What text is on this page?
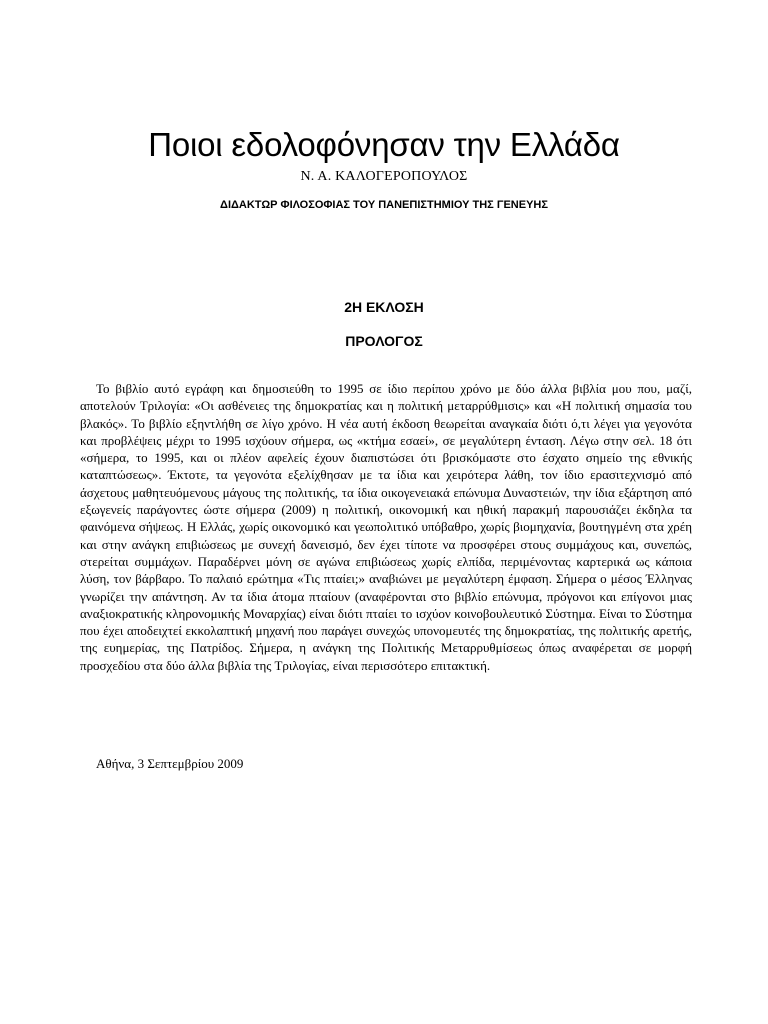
Ποιοι εδολοφόνησαν την Ελλάδα
Ν. Α. ΚΑΛΟΓΕΡΟΠΟΥΛΟΣ
ΔΙΔΑΚΤΩΡ ΦΙΛΟΣΟΦΙΑΣ ΤΟΥ ΠΑΝΕΠΙΣΤΗΜΙΟΥ ΤΗΣ ΓΕΝΕΥΗΣ
2Η ΕΚΛΟΣΗ
ΠΡΟΛΟΓΟΣ

Το βιβλίο αυτό εγράφη και δημοσιεύθη το 1995 σε ίδιο περίπου χρόνο με δύο άλλα βιβλία μου που, μαζί, αποτελούν Τριλογία: «Οι ασθένειες της δημοκρατίας και η πολιτική μεταρρύθμισις» και «Η πολιτική σημασία του βλακός». Το βιβλίο εξηντλήθη σε λίγο χρόνο. Η νέα αυτή έκδοση θεωρείται αναγκαία διότι ό,τι λέγει για γεγονότα και προβλέψεις μέχρι το 1995 ισχύουν σήμερα, ως «κτήμα εσαεί», σε μεγαλύτερη ένταση. Λέγω στην σελ. 18 ότι «σήμερα, το 1995, και οι πλέον αφελείς έχουν διαπιστώσει ότι βρισκόμαστε στο έσχατο σημείο της εθνικής καταπτώσεως». Έκτοτε, τα γεγονότα εξελίχθησαν με τα ίδια και χειρότερα λάθη, τον ίδιο ερασιτεχνισμό από άσχετους μαθητευόμενους μάγους της πολιτικής, τα ίδια οικογενειακά επώνυμα Δυναστειών, την ίδια εξάρτηση από εξωγενείς παράγοντες ώστε σήμερα (2009) η πολιτική, οικονομική και ηθική παρακμή παρουσιάζει έκδηλα τα φαινόμενα σήψεως. Η Ελλάς, χωρίς οικονομικό και γεωπολιτικό υπόβαθρο, χωρίς βιομηχανία, βουτηγμένη στα χρέη και στην ανάγκη επιβιώσεως με συνεχή δανεισμό, δεν έχει τίποτε να προσφέρει στους συμμάχους και, συνεπώς, στερείται συμμάχων. Παραδέρνει μόνη σε αγώνα επιβιώσεως χωρίς ελπίδα, περιμένοντας καρτερικά ως κάποια λύση, τον βάρβαρο. Το παλαιό ερώτημα «Τις πταίει;» αναβιώνει με μεγαλύτερη έμφαση. Σήμερα ο μέσος Έλληνας γνωρίζει την απάντηση. Αν τα ίδια άτομα πταίουν (αναφέρονται στο βιβλίο επώνυμα, πρόγονοι και επίγονοι μιας αναξιοκρατικής κληρονομικής Μοναρχίας) είναι διότι πταίει το ισχύον κοινοβουλευτικό Σύστημα. Είναι το Σύστημα που έχει αποδειχτεί εκκολαπτική μηχανή που παράγει συνεχώς υπονομευτές της δημοκρατίας, της πολιτικής αρετής, της ευημερίας, της Πατρίδος. Σήμερα, η ανάγκη της Πολιτικής Μεταρρυθμίσεως όπως αναφέρεται σε μορφή προσχεδίου στα δύο άλλα βιβλία της Τριλογίας, είναι περισσότερο επιτακτική.

Αθήνα, 3 Σεπτεμβρίου 2009
